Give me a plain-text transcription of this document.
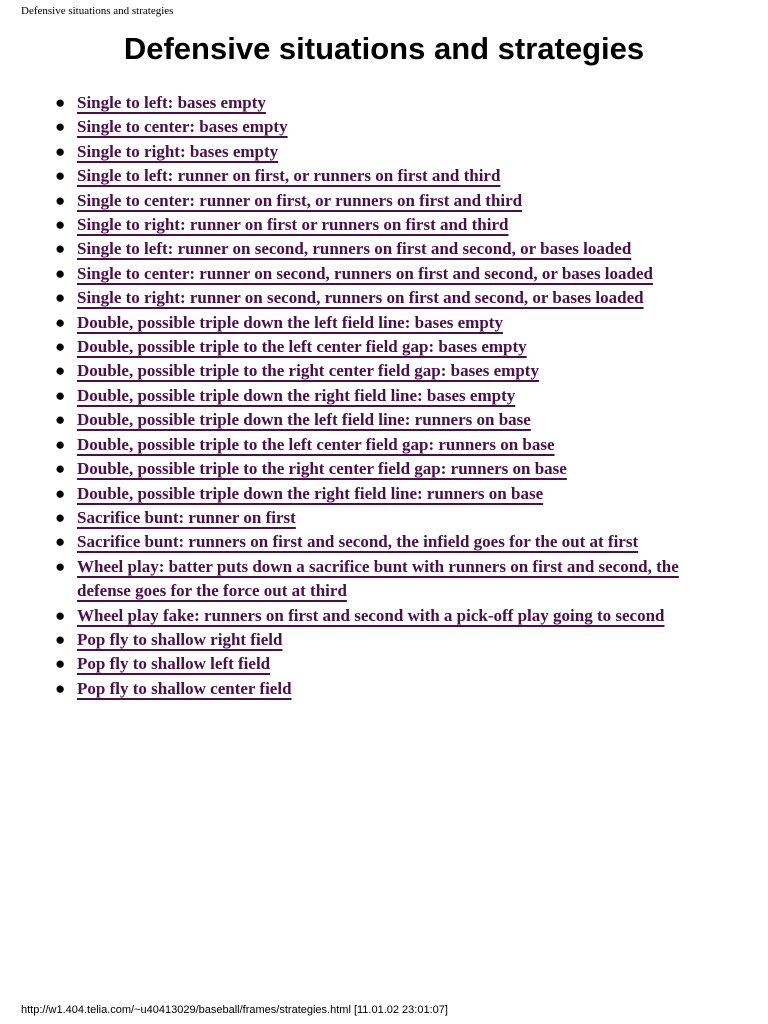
Defensive situations and strategies
Defensive situations and strategies
● Single to left: bases empty
● Single to center: bases empty
● Single to right: bases empty
● Single to left: runner on first, or runners on first and third
● Single to center: runner on first, or runners on first and third
● Single to right: runner on first or runners on first and third
● Single to left: runner on second, runners on first and second, or bases loaded
● Single to center: runner on second, runners on first and second, or bases loaded
● Single to right: runner on second, runners on first and second, or bases loaded
● Double, possible triple down the left field line: bases empty
● Double, possible triple to the left center field gap: bases empty
● Double, possible triple to the right center field gap: bases empty
● Double, possible triple down the right field line: bases empty
● Double, possible triple down the left field line: runners on base
● Double, possible triple to the left center field gap: runners on base
● Double, possible triple to the right center field gap: runners on base
● Double, possible triple down the right field line: runners on base
● Sacrifice bunt: runner on first
● Sacrifice bunt: runners on first and second, the infield goes for the out at first
● Wheel play: batter puts down a sacrifice bunt with runners on first and second, the defense goes for the force out at third
● Wheel play fake: runners on first and second with a pick-off play going to second
● Pop fly to shallow right field
● Pop fly to shallow left field
● Pop fly to shallow center field
http://w1.404.telia.com/~u40413029/baseball/frames/strategies.html [11.01.02 23:01:07]
